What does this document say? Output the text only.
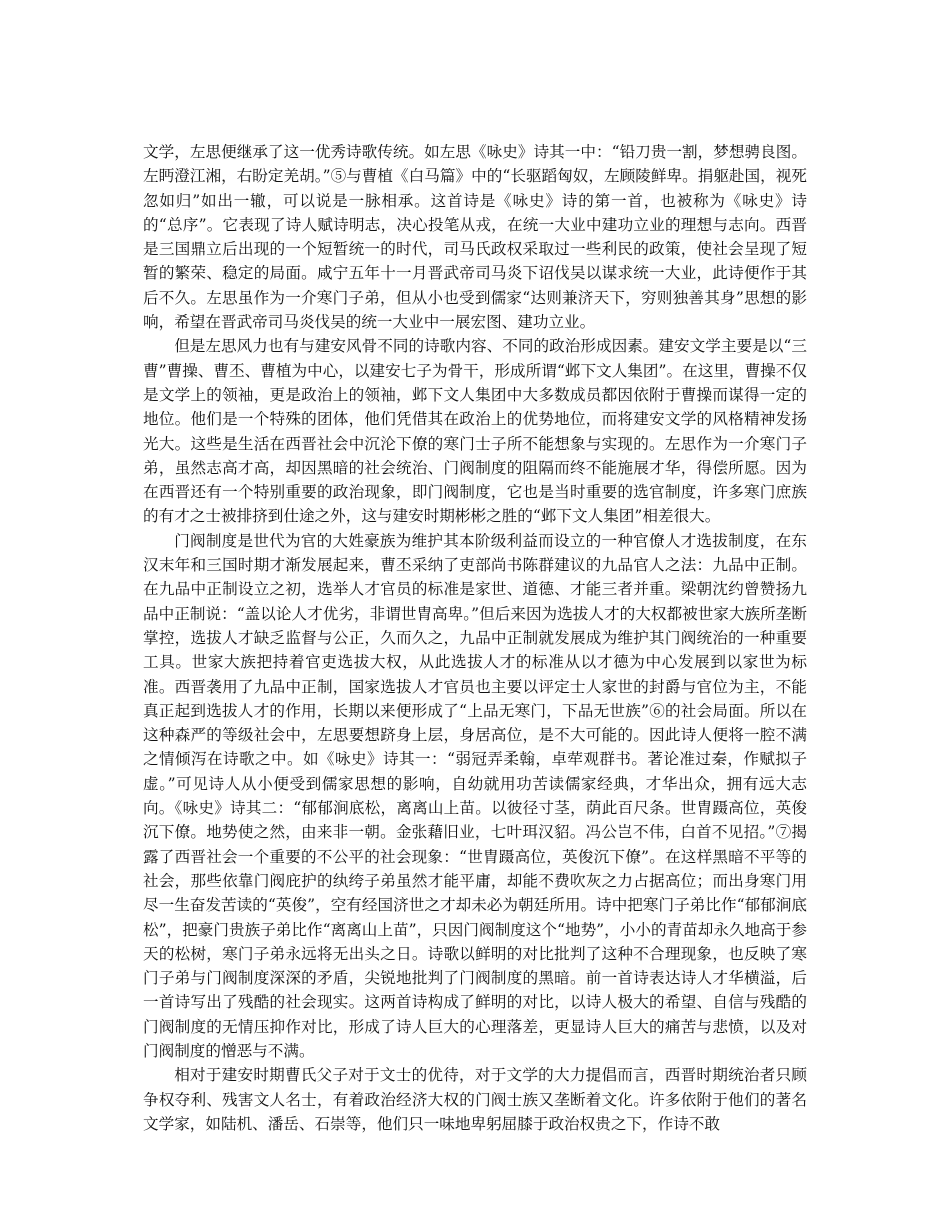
文学，左思便继承了这一优秀诗歌传统。如左思《咏史》诗其一中：“铅刀贵一割，梦想骋良图。左眄澄江湘，右盼定羌胡。”⑤与曹植《白马篇》中的“长驱蹈匈奴，左顾陵鲜卑。捐躯赴国，视死忽如归”如出一辙，可以说是一脉相承。这首诗是《咏史》诗的第一首，也被称为《咏史》诗的“总序”。它表现了诗人赋诗明志，决心投笔从戎，在统一大业中建功立业的理想与志向。西晋是三国鼎立后出现的一个短暂统一的时代，司马氏政权采取过一些利民的政策，使社会呈现了短暂的繁荣、稳定的局面。咸宁五年十一月晋武帝司马炎下诏伐吴以谋求统一大业，此诗便作于其后不久。左思虽作为一介寒门子弟，但从小也受到儒家“达则兼济天下，穷则独善其身”思想的影响，希望在晋武帝司马炎伐吴的统一大业中一展宏图、建功立业。

但是左思风力也有与建安风骨不同的诗歌内容、不同的政治形成因素。建安文学主要是以“三曹”曹操、曹丕、曹植为中心，以建安七子为骨干，形成所谓“邺下文人集团”。在这里，曹操不仅是文学上的领袖，更是政治上的领袖，邺下文人集团中大多数成员都因依附于曹操而谋得一定的地位。他们是一个特殊的团体，他们凭借其在政治上的优势地位，而将建安文学的风格精神发扬光大。这些是生活在西晋社会中沉沦下僚的寒门士子所不能想象与实现的。左思作为一介寒门子弟，虽然志高才高，却因黑暗的社会统治、门阀制度的阻隔而终不能施展才华，得偿所愿。因为在西晋还有一个特别重要的政治现象，即门阀制度，它也是当时重要的选官制度，许多寒门庶族的有才之士被排挤到仕途之外，这与建安时期彬彬之胜的“邺下文人集团”相差很大。

门阀制度是世代为官的大姓豪族为维护其本阶级利益而设立的一种官僚人才选拔制度，在东汉末年和三国时期才渐发展起来，曹丕采纳了吏部尚书陈群建议的九品官人之法：九品中正制。在九品中正制设立之初，选举人才官员的标准是家世、道德、才能三者并重。梁朝沈约曾赞扬九品中正制说：“盖以论人才优劣，非谓世胄高卑。”但后来因为选拔人才的大权都被世家大族所垄断掌控，选拔人才缺乏监督与公正，久而久之，九品中正制就发展成为维护其门阀统治的一种重要工具。世家大族把持着官吏选拔大权，从此选拔人才的标准从以才德为中心发展到以家世为标准。西晋袭用了九品中正制，国家选拔人才官员也主要以评定士人家世的封爵与官位为主，不能真正起到选拔人才的作用，长期以来便形成了“上品无寒门，下品无世族”⑥的社会局面。所以在这种森严的等级社会中，左思要想跻身上层，身居高位，是不大可能的。因此诗人便将一腔不满之情倾泻在诗歌之中。如《咏史》诗其一：“弱冠弄柔翰，卓荦观群书。著论准过秦，作赋拟子虚。”可见诗人从小便受到儒家思想的影响，自幼就用功苦读儒家经典，才华出众，拥有远大志向。《咏史》诗其二：“郁郁涧底松，离离山上苗。以彼径寸茎，荫此百尺条。世胄蹑高位，英俊沉下僚。地势使之然，由来非一朝。金张藉旧业，七叶珥汉貂。冯公岂不伟，白首不见招。”⑦揭露了西晋社会一个重要的不公平的社会现象：“世胄蹑高位，英俊沉下僚”。在这样黑暗不平等的社会，那些依靠门阀庇护的纨绔子弟虽然才能平庸，却能不费吹灰之力占据高位；而出身寒门用尽一生奋发苦读的“英俊”，空有经国济世之才却未必为朝廷所用。诗中把寒门子弟比作“郁郁涧底松”，把豪门贵族子弟比作“离离山上苗”，只因门阀制度这个“地势”，小小的青苗却永久地高于参天的松树，寒门子弟永远将无出头之日。诗歌以鲜明的对比批判了这种不合理现象，也反映了寒门子弟与门阀制度深深的矛盾，尖锐地批判了门阀制度的黑暗。前一首诗表达诗人才华横溢，后一首诗写出了残酷的社会现实。这两首诗构成了鲜明的对比，以诗人极大的希望、自信与残酷的门阀制度的无情压抑作对比，形成了诗人巨大的心理落差，更显诗人巨大的痛苦与悲愤，以及对门阀制度的憎恶与不满。

相对于建安时期曹氏父子对于文士的优待，对于文学的大力提倡而言，西晋时期统治者只顾争权夺利、残害文人名士，有着政治经济大权的门阀士族又垄断着文化。许多依附于他们的著名文学家，如陆机、潘岳、石崇等，他们只一味地卑躬屈膝于政治权贵之下，作诗不敢
